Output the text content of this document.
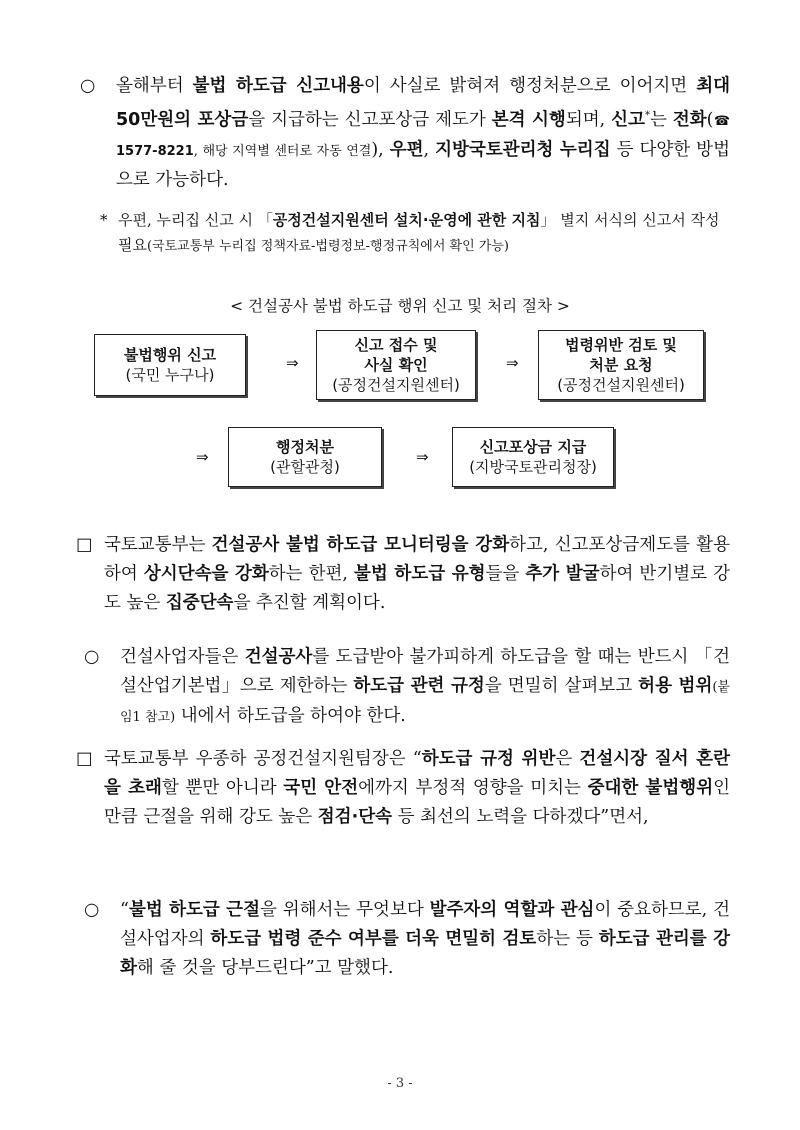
○ 올해부터 불법 하도급 신고내용이 사실로 밝혀져 행정처분으로 이어지면 최대 50만원의 포상금을 지급하는 신고포상금 제도가 본격 시행되며, 신고*는 전화(☎ 1577-8221, 해당 지역별 센터로 자동 연결), 우편, 지방국토관리청 누리집 등 다양한 방법으로 가능하다.
* 우편, 누리집 신고 시 「공정건설지원센터 설치·운영에 관한 지침」 별지 서식의 신고서 작성 필요(국토교통부 누리집 정책자료-법령정보-행정규칙에서 확인 가능)
< 건설공사 불법 하도급 행위 신고 및 처리 절차 >
불법행위 신고
(국민 누구나)
⇒
신고 접수 및
사실 확인
(공정건설지원센터)
⇒
법령위반 검토 및
처분 요청
(공정건설지원센터)
⇒
행정처분
(관할관청)
⇒
신고포상금 지급
(지방국토관리청장)
□ 국토교통부는 건설공사 불법 하도급 모니터링을 강화하고, 신고포상금제도를 활용하여 상시단속을 강화하는 한편, 불법 하도급 유형들을 추가 발굴하여 반기별로 강도 높은 집중단속을 추진할 계획이다.
○ 건설사업자들은 건설공사를 도급받아 불가피하게 하도급을 할 때는 반드시 「건설산업기본법」으로 제한하는 하도급 관련 규정을 면밀히 살펴보고 허용 범위(붙임1 참고) 내에서 하도급을 하여야 한다.
□ 국토교통부 우종하 공정건설지원팀장은 “하도급 규정 위반은 건설시장 질서 혼란을 초래할 뿐만 아니라 국민 안전에까지 부정적 영향을 미치는 중대한 불법행위인 만큼 근절을 위해 강도 높은 점검·단속 등 최선의 노력을 다하겠다”면서,
○ “불법 하도급 근절을 위해서는 무엇보다 발주자의 역할과 관심이 중요하므로, 건설사업자의 하도급 법령 준수 여부를 더욱 면밀히 검토하는 등 하도급 관리를 강화해 줄 것을 당부드린다”고 말했다.
- 3 -
